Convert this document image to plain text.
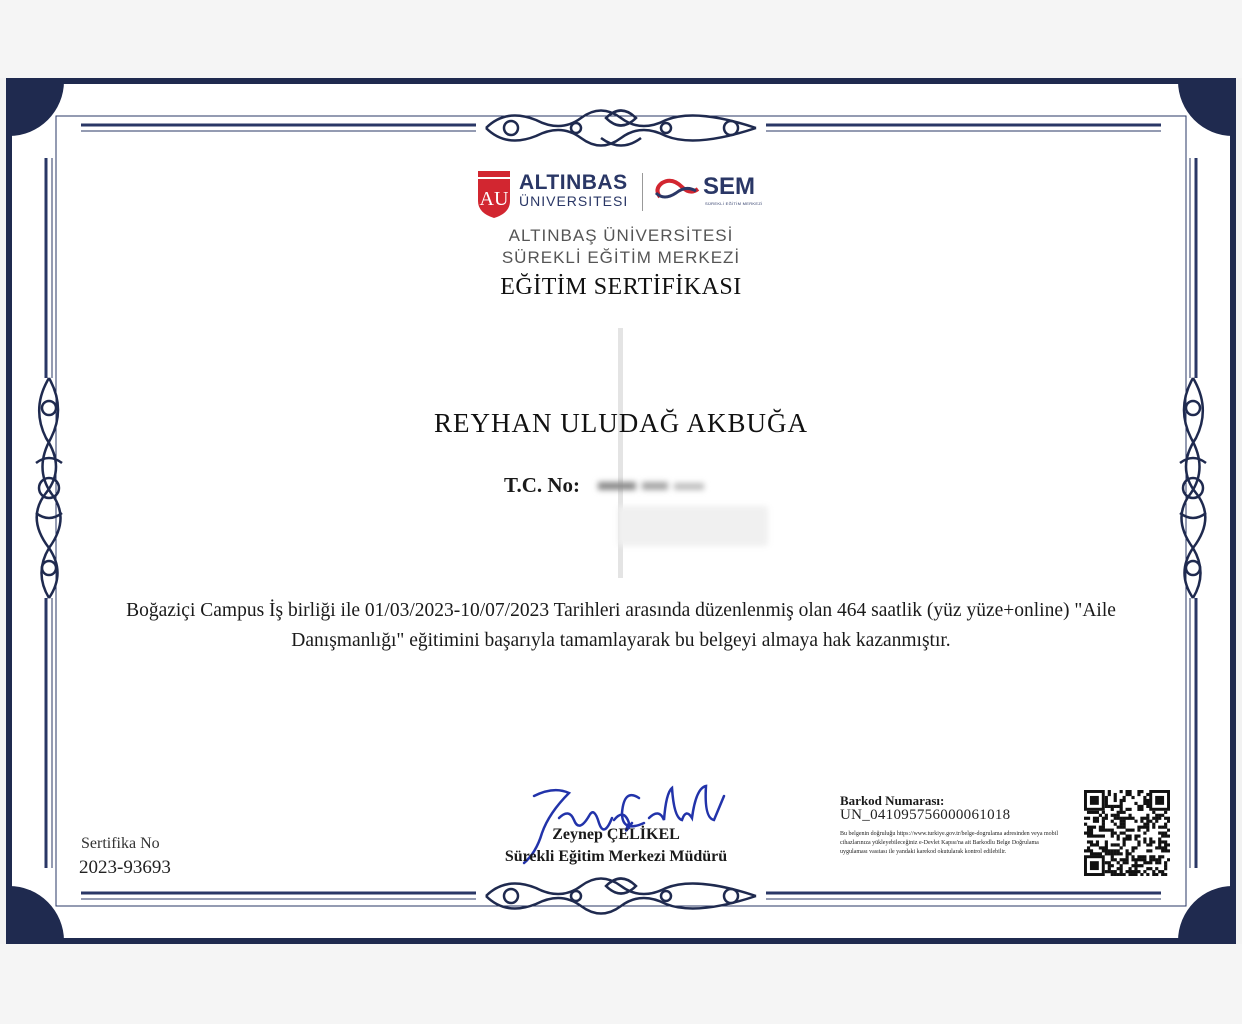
AU
ALTINBAS
ÜNIVERSITESI
SEM
SÜREKLİ EĞİTİM MERKEZİ
ALTINBAŞ ÜNİVERSİTESİ
SÜREKLİ EĞİTİM MERKEZİ
EĞİTİM SERTİFİKASI
REYHAN ULUDAĞ AKBUĞA
T.C. No:
Boğaziçi Campus İş birliği ile 01/03/2023-10/07/2023 Tarihleri arasında düzenlenmiş olan 464 saatlik (yüz yüze+online) "Aile Danışmanlığı" eğitimini başarıyla tamamlayarak bu belgeyi almaya hak kazanmıştır.
Zeynep ÇELİKEL
Sürekli Eğitim Merkezi Müdürü
Sertifika No
2023-93693
Barkod Numarası:
UN_041095756000061018
Bu belgenin doğruluğu https://www.turkiye.gov.tr/belge-dogrulama adresinden veya mobil cihazlarınıza yükleyebileceğiniz e-Devlet Kapısı'na ait Barkodlu Belge Doğrulama uygulaması vasıtası ile yandaki karekod okutularak kontrol edilebilir.
